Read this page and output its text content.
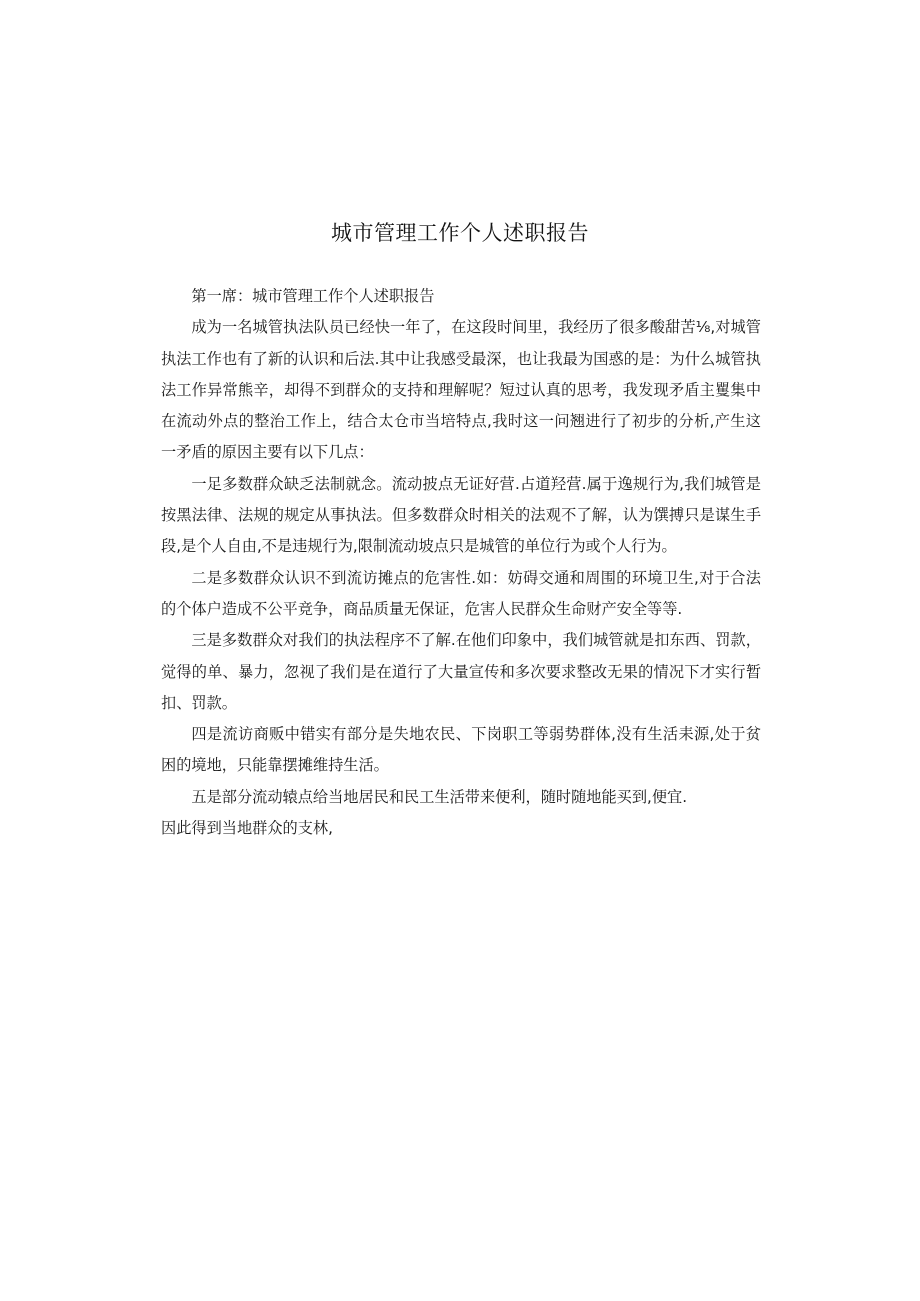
城市管理工作个人述职报告

第一席：城市管理工作个人述职报告

成为一名城管执法队员已经快一年了，在这段时间里，我经历了很多酸甜苦⅛,对城管执法工作也有了新的认识和后法.其中让我感受最深，也让我最为国惑的是：为什么城管执法工作异常熊辛，却得不到群众的支持和理解呢？短过认真的思考，我发现矛盾主矍集中在流动外点的整治工作上，结合太仓市当培特点,我时这一问翘进行了初步的分析,产生这一矛盾的原因主要有以下几点：

一足多数群众缺乏法制就念。流动披点无证好营.占道羟营.属于逸规行为,我们城管是按黑法律、法规的规定从事执法。但多数群众时相关的法观不了解，认为馔搏只是谋生手段,是个人自由,不是违规行为,限制流动坡点只是城管的单位行为或个人行为。

二是多数群众认识不到流访摊点的危害性.如：妨碍交通和周围的环境卫生,对于合法的个体户造成不公平竞争，商品质量无保证，危害人民群众生命财产安全等等.

三是多数群众对我们的执法程序不了解.在他们印象中，我们城管就是扣东西、罚款，觉得的单、暴力，忽视了我们是在道行了大量宣传和多次要求整改无果的情况下才实行暂扣、罚款。

四是流访商贩中错实有部分是失地农民、下岗职工等弱势群体,没有生活耒源,处于贫困的境地，只能靠摆摊维持生活。

五是部分流动辕点给当地居民和民工生活带来便利，随时随地能买到,便宜.

因此得到当地群众的支林,
